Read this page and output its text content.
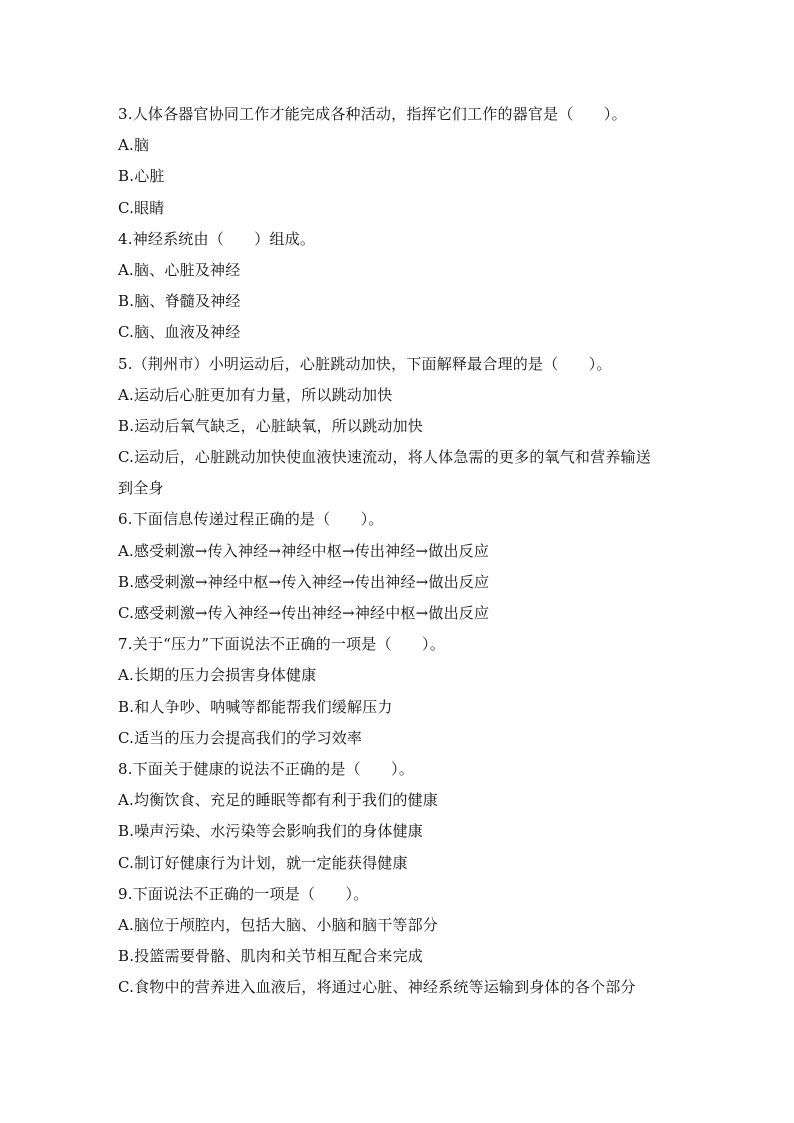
3.人体各器官协同工作才能完成各种活动，指挥它们工作的器官是（　　）。
A.脑
B.心脏
C.眼睛
4.神经系统由（　　）组成。
A.脑、心脏及神经
B.脑、脊髓及神经
C.脑、血液及神经
5.（荆州市）小明运动后，心脏跳动加快，下面解释最合理的是（　　）。
A.运动后心脏更加有力量，所以跳动加快
B.运动后氧气缺乏，心脏缺氧，所以跳动加快
C.运动后，心脏跳动加快使血液快速流动，将人体急需的更多的氧气和营养输送
到全身
6.下面信息传递过程正确的是（　　）。
A.感受刺激→传入神经→神经中枢→传出神经→做出反应
B.感受刺激→神经中枢→传入神经→传出神经→做出反应
C.感受刺激→传入神经→传出神经→神经中枢→做出反应
7.关于“压力”下面说法不正确的一项是（　　）。
A.长期的压力会损害身体健康
B.和人争吵、呐喊等都能帮我们缓解压力
C.适当的压力会提高我们的学习效率
8.下面关于健康的说法不正确的是（　　）。
A.均衡饮食、充足的睡眠等都有利于我们的健康
B.噪声污染、水污染等会影响我们的身体健康
C.制订好健康行为计划，就一定能获得健康
9.下面说法不正确的一项是（　　）。
A.脑位于颅腔内，包括大脑、小脑和脑干等部分
B.投篮需要骨骼、肌肉和关节相互配合来完成
C.食物中的营养进入血液后，将通过心脏、神经系统等运输到身体的各个部分
